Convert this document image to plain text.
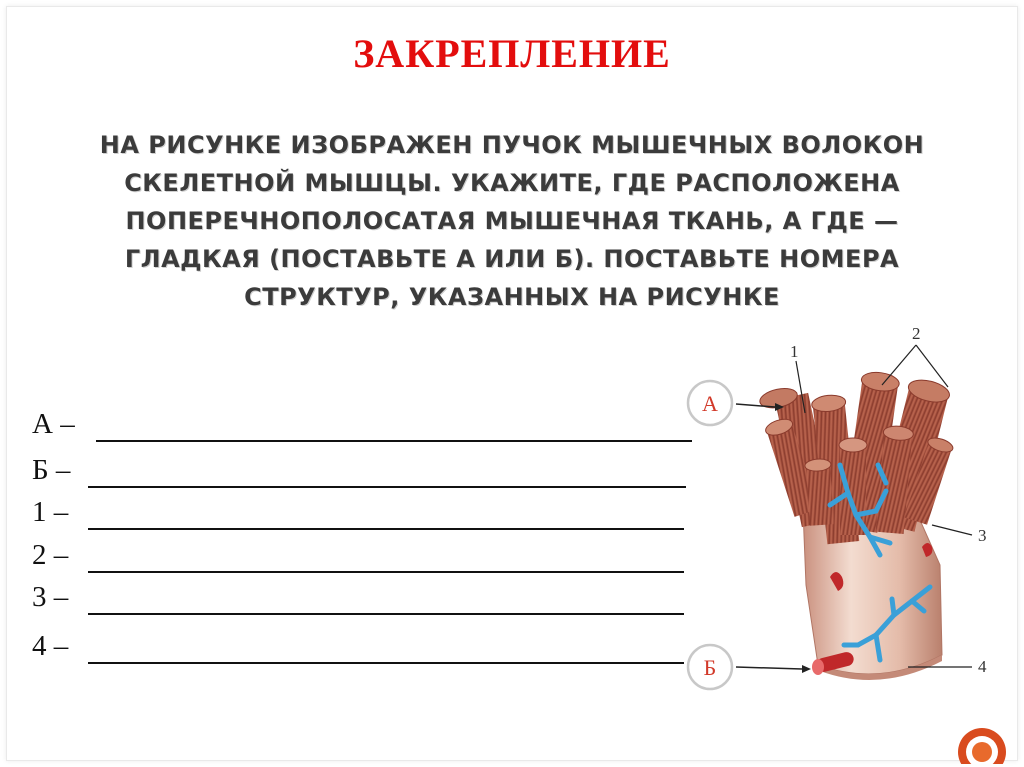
ЗАКРЕПЛЕНИЕ
НА РИСУНКЕ ИЗОБРАЖЕН ПУЧОК МЫШЕЧНЫХ ВОЛОКОН
СКЕЛЕТНОЙ МЫШЦЫ. УКАЖИТЕ, ГДЕ РАСПОЛОЖЕНА
ПОПЕРЕЧНОПОЛОСАТАЯ МЫШЕЧНАЯ ТКАНЬ, А ГДЕ —
ГЛАДКАЯ (ПОСТАВЬТЕ А ИЛИ Б). ПОСТАВЬТЕ НОМЕРА
СТРУКТУР, УКАЗАННЫХ НА РИСУНКЕ
А –
Б –
1 –
2 –
3 –
4 –
А
Б
1
2
3
4
